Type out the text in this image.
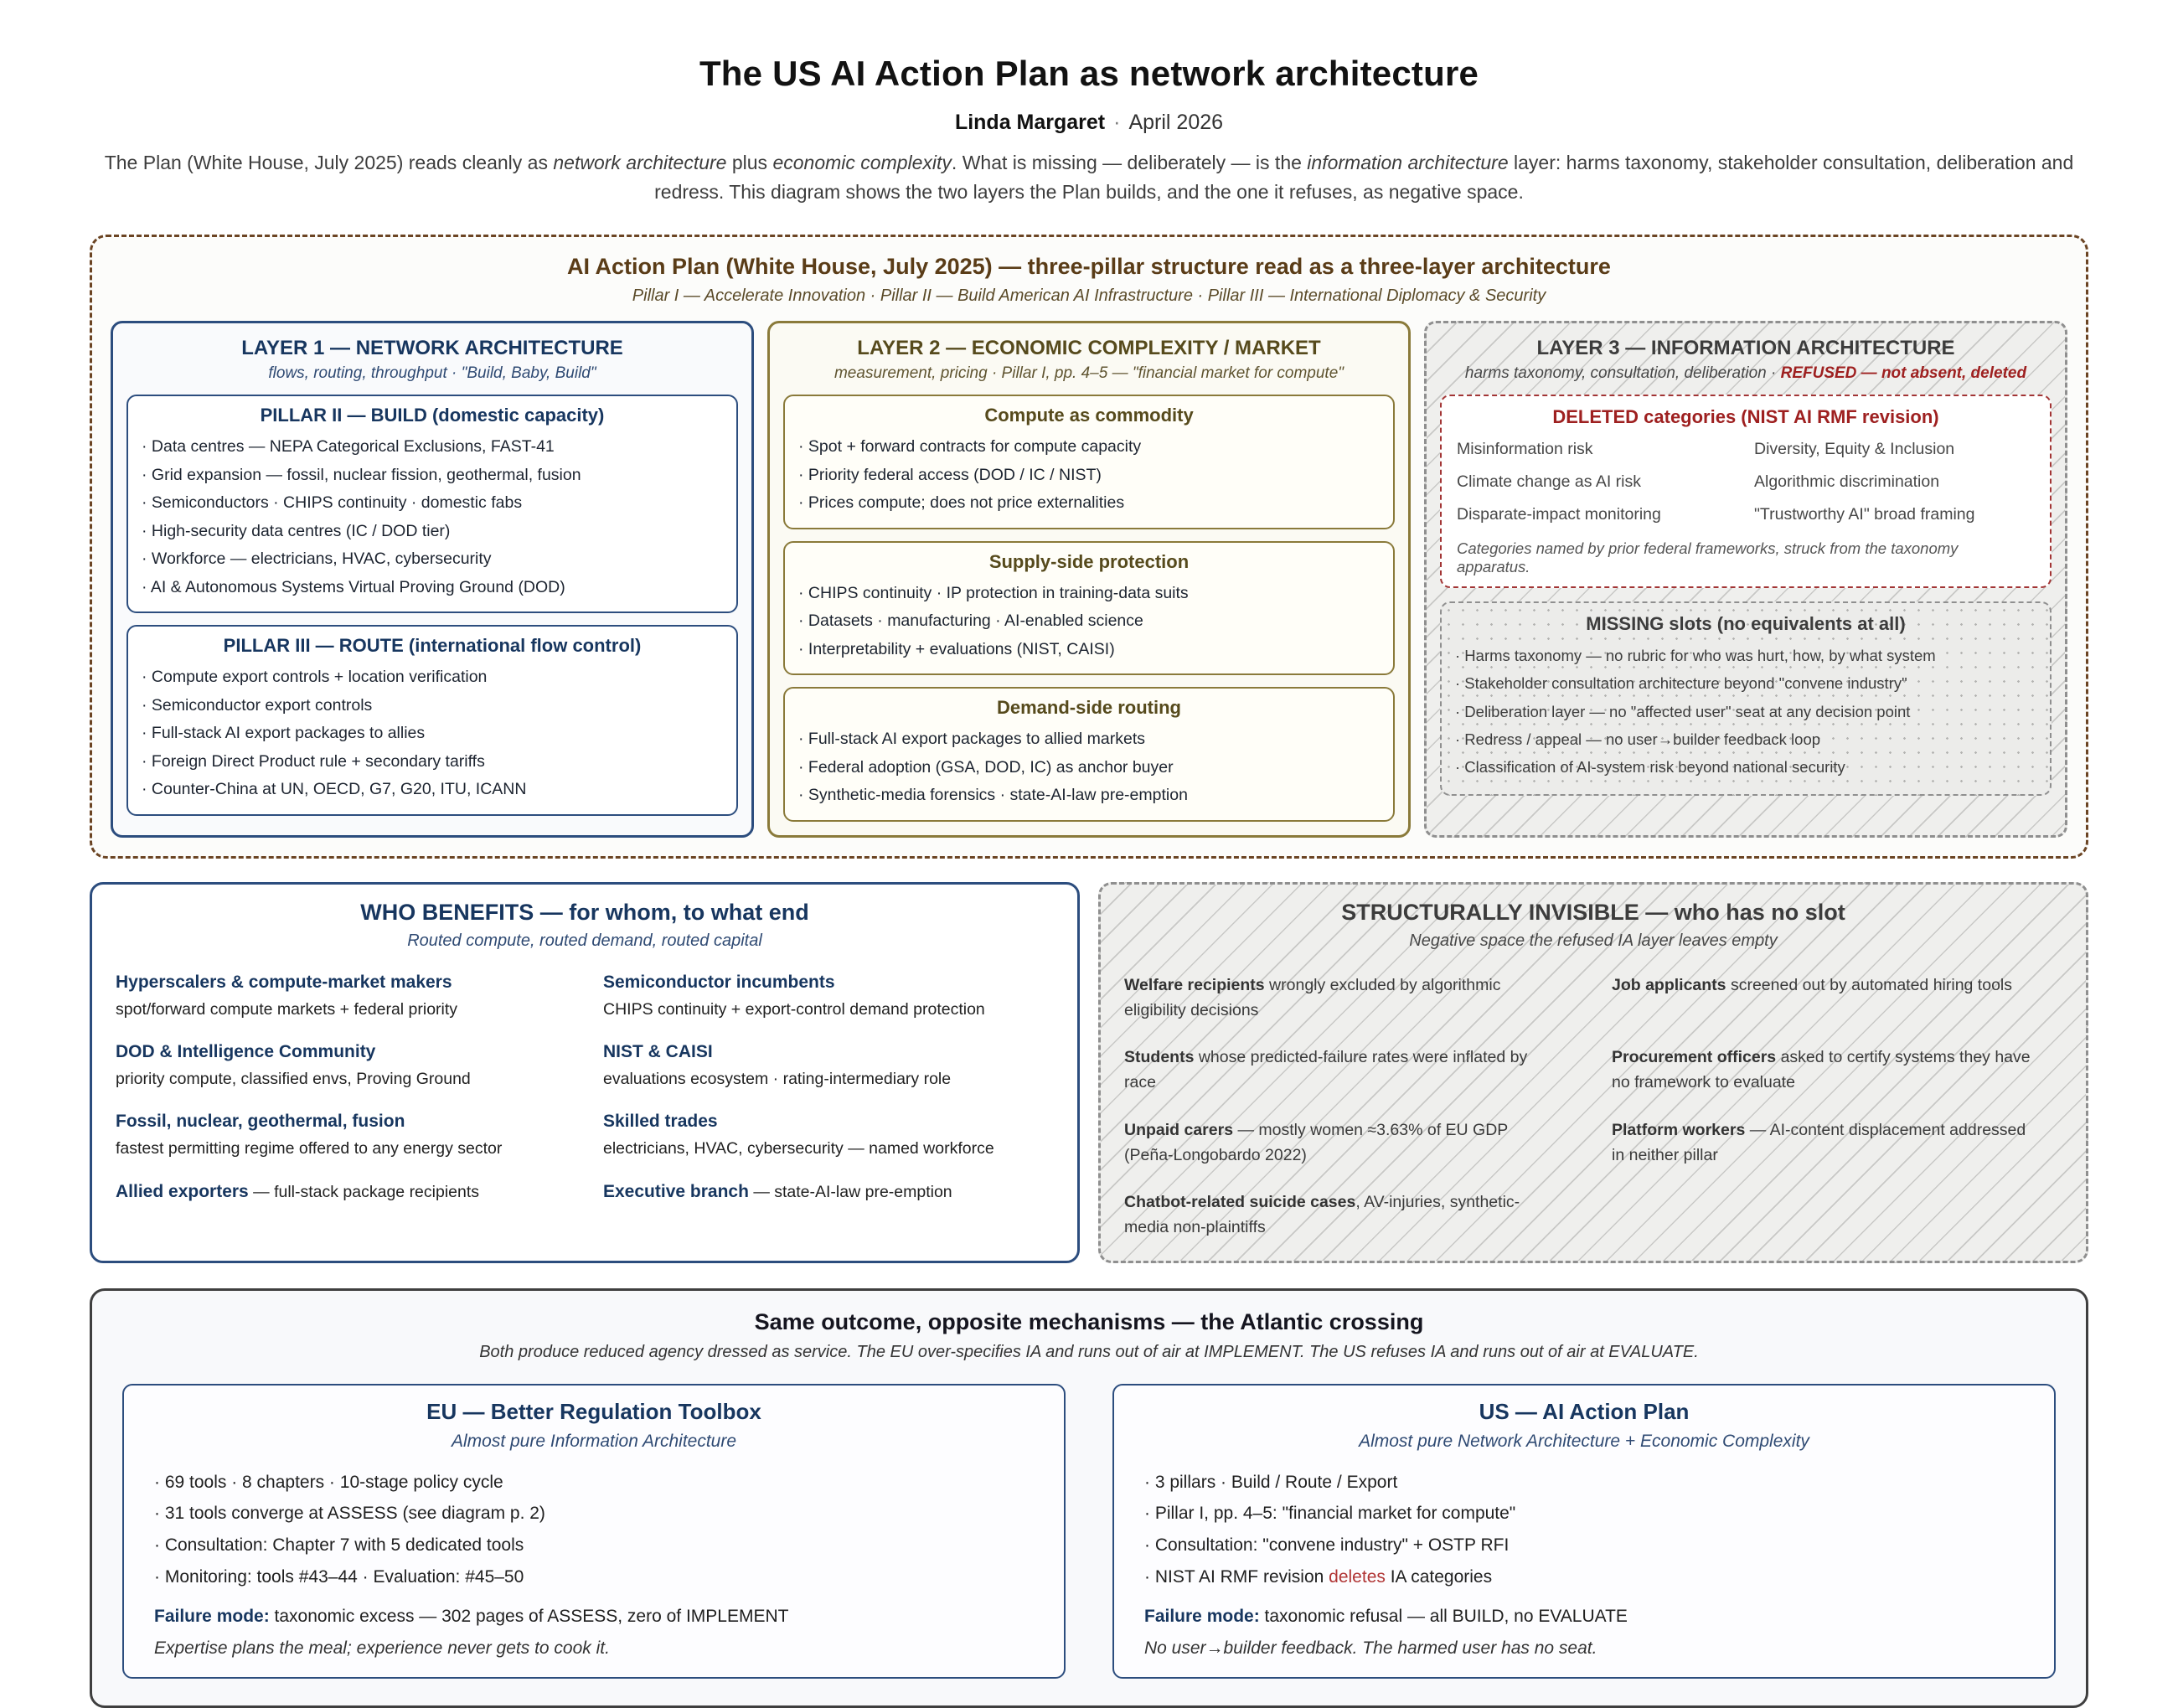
The US AI Action Plan as network architecture
Linda Margaret · April 2026
The Plan (White House, July 2025) reads cleanly as network architecture plus economic complexity. What is missing — deliberately — is the information architecture layer: harms taxonomy, stakeholder consultation, deliberation and redress. This diagram shows the two layers the Plan builds, and the one it refuses, as negative space.
AI Action Plan (White House, July 2025) — three-pillar structure read as a three-layer architecture
Pillar I — Accelerate Innovation · Pillar II — Build American AI Infrastructure · Pillar III — International Diplomacy & Security
LAYER 1 — NETWORK ARCHITECTURE
flows, routing, throughput · "Build, Baby, Build"
PILLAR II — BUILD (domestic capacity)
· Data centres — NEPA Categorical Exclusions, FAST-41
· Grid expansion — fossil, nuclear fission, geothermal, fusion
· Semiconductors · CHIPS continuity · domestic fabs
· High-security data centres (IC / DOD tier)
· Workforce — electricians, HVAC, cybersecurity
· AI & Autonomous Systems Virtual Proving Ground (DOD)
PILLAR III — ROUTE (international flow control)
· Compute export controls + location verification
· Semiconductor export controls
· Full-stack AI export packages to allies
· Foreign Direct Product rule + secondary tariffs
· Counter-China at UN, OECD, G7, G20, ITU, ICANN
LAYER 2 — ECONOMIC COMPLEXITY / MARKET
measurement, pricing · Pillar I, pp. 4–5 — "financial market for compute"
Compute as commodity
· Spot + forward contracts for compute capacity
· Priority federal access (DOD / IC / NIST)
· Prices compute; does not price externalities
Supply-side protection
· CHIPS continuity · IP protection in training-data suits
· Datasets · manufacturing · AI-enabled science
· Interpretability + evaluations (NIST, CAISI)
Demand-side routing
· Full-stack AI export packages to allied markets
· Federal adoption (GSA, DOD, IC) as anchor buyer
· Synthetic-media forensics · state-AI-law pre-emption
LAYER 3 — INFORMATION ARCHITECTURE
harms taxonomy, consultation, deliberation · REFUSED — not absent, deleted
DELETED categories (NIST AI RMF revision)
Misinformation risk	Diversity, Equity & Inclusion
Climate change as AI risk	Algorithmic discrimination
Disparate-impact monitoring	"Trustworthy AI" broad framing
Categories named by prior federal frameworks, struck from the taxonomy apparatus.
MISSING slots (no equivalents at all)
· Harms taxonomy — no rubric for who was hurt, how, by what system
· Stakeholder consultation architecture beyond "convene industry"
· Deliberation layer — no "affected user" seat at any decision point
· Redress / appeal — no user→builder feedback loop
· Classification of AI-system risk beyond national security
WHO BENEFITS — for whom, to what end
Routed compute, routed demand, routed capital
Hyperscalers & compute-market makers
spot/forward compute markets + federal priority
Semiconductor incumbents
CHIPS continuity + export-control demand protection
DOD & Intelligence Community
priority compute, classified envs, Proving Ground
NIST & CAISI
evaluations ecosystem · rating-intermediary role
Fossil, nuclear, geothermal, fusion
fastest permitting regime offered to any energy sector
Skilled trades
electricians, HVAC, cybersecurity — named workforce
Allied exporters — full-stack package recipients	Executive branch — state-AI-law pre-emption
STRUCTURALLY INVISIBLE — who has no slot
Negative space the refused IA layer leaves empty
Welfare recipients wrongly excluded by algorithmic eligibility decisions
Job applicants screened out by automated hiring tools
Students whose predicted-failure rates were inflated by race
Procurement officers asked to certify systems they have no framework to evaluate
Unpaid carers — mostly women ≈3.63% of EU GDP (Peña-Longobardo 2022)
Platform workers — AI-content displacement addressed in neither pillar
Chatbot-related suicide cases, AV-injuries, synthetic-media non-plaintiffs
Same outcome, opposite mechanisms — the Atlantic crossing
Both produce reduced agency dressed as service. The EU over-specifies IA and runs out of air at IMPLEMENT. The US refuses IA and runs out of air at EVALUATE.
EU — Better Regulation Toolbox
Almost pure Information Architecture
· 69 tools · 8 chapters · 10-stage policy cycle
· 31 tools converge at ASSESS (see diagram p. 2)
· Consultation: Chapter 7 with 5 dedicated tools
· Monitoring: tools #43–44 · Evaluation: #45–50
Failure mode: taxonomic excess — 302 pages of ASSESS, zero of IMPLEMENT
Expertise plans the meal; experience never gets to cook it.
US — AI Action Plan
Almost pure Network Architecture + Economic Complexity
· 3 pillars · Build / Route / Export
· Pillar I, pp. 4–5: "financial market for compute"
· Consultation: "convene industry" + OSTP RFI
· NIST AI RMF revision deletes IA categories
Failure mode: taxonomic refusal — all BUILD, no EVALUATE
No user→builder feedback. The harmed user has no seat.
